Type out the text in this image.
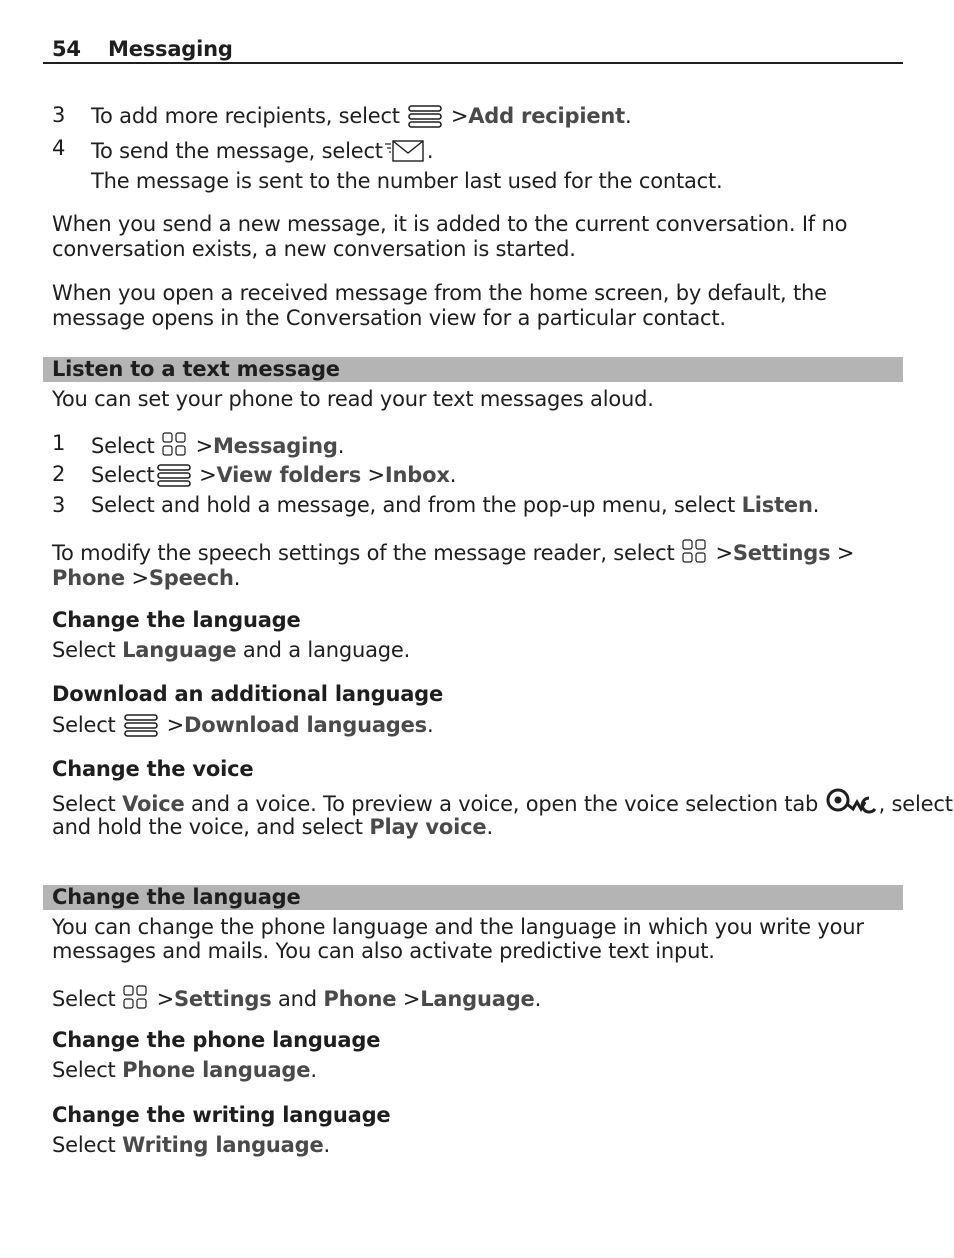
54 Messaging
3 To add more recipients, select >Add recipient.
4 To send the message, select .
The message is sent to the number last used for the contact.
When you send a new message, it is added to the current conversation. If no conversation exists, a new conversation is started.
When you open a received message from the home screen, by default, the message opens in the Conversation view for a particular contact.
Listen to a text message
You can set your phone to read your text messages aloud.
1 Select >Messaging.
2 Select >View folders >Inbox.
3 Select and hold a message, and from the pop-up menu, select Listen.
To modify the speech settings of the message reader, select >Settings >
Phone >Speech.
Change the language
Select Language and a language.
Download an additional language
Select >Download languages.
Change the voice
Select Voice and a voice. To preview a voice, open the voice selection tab	, select
and hold the voice, and select Play voice.
Change the language
You can change the phone language and the language in which you write your messages and mails. You can also activate predictive text input.
Select >Settings and Phone >Language.
Change the phone language
Select Phone language.
Change the writing language
Select Writing language.
